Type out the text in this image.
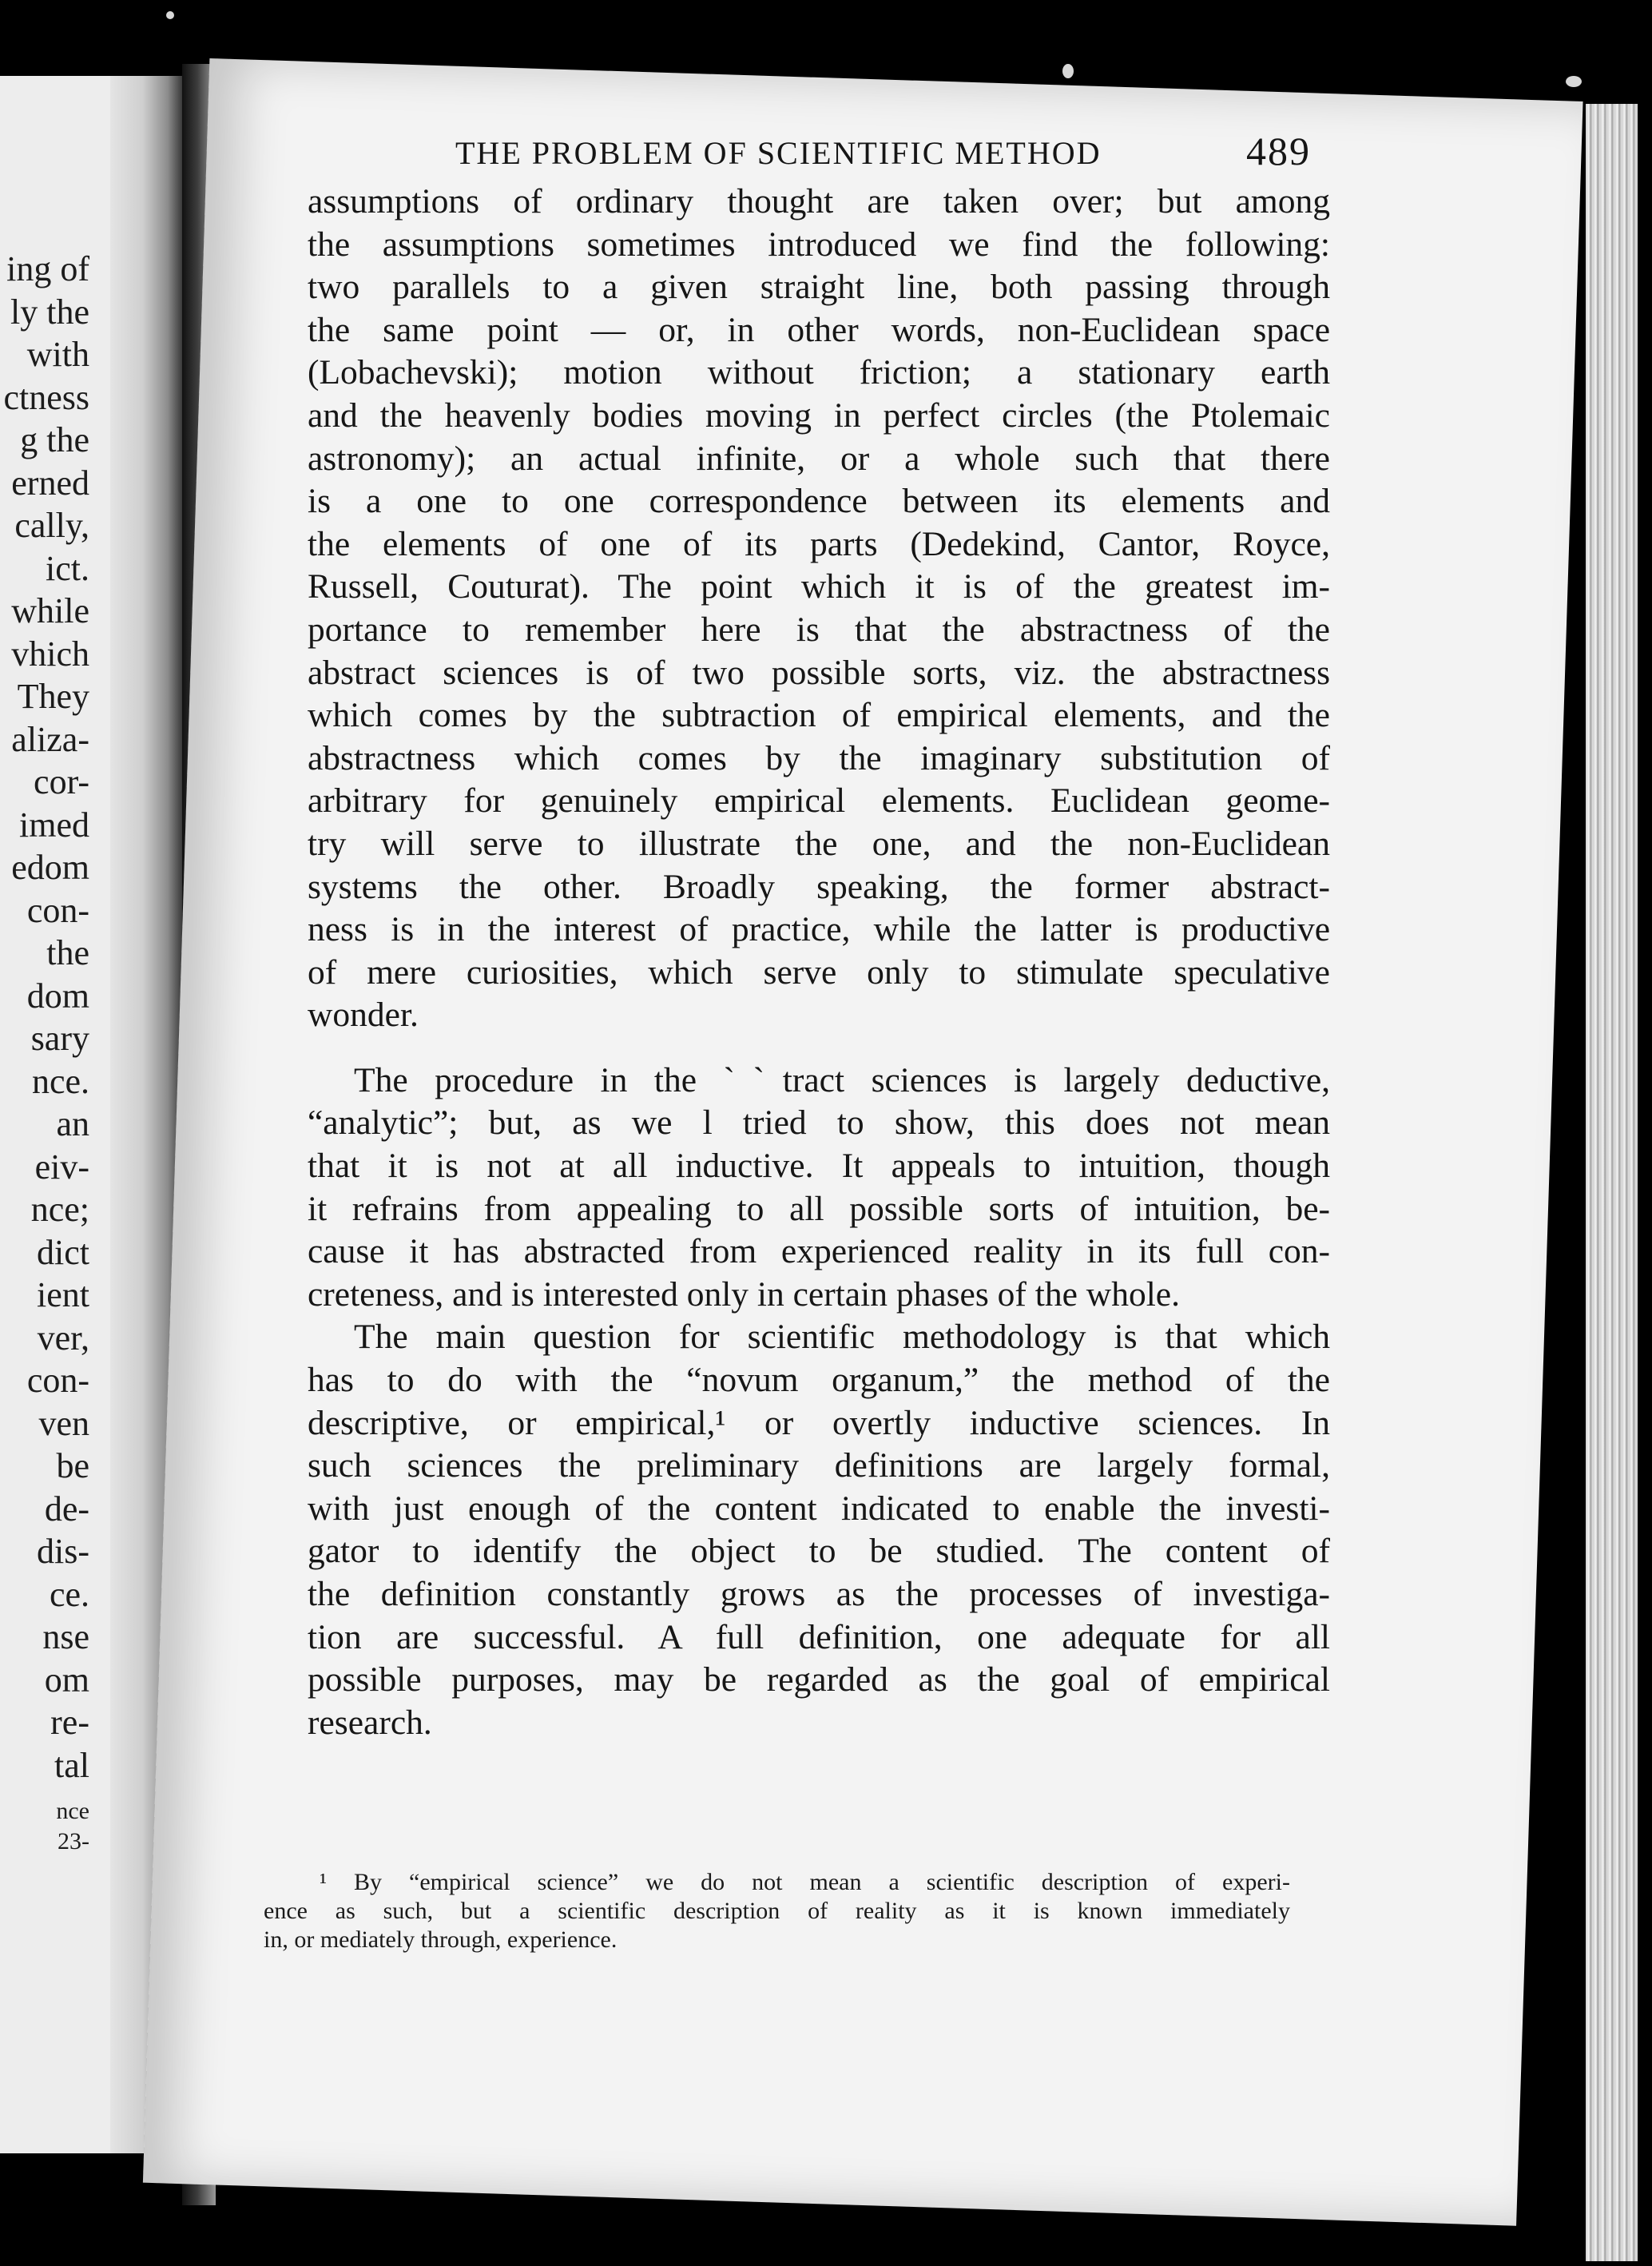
ing of
ly the
with
ctness
g the
erned
cally,
ict.
while
vhich
They
aliza-
cor-
imed
edom
con-
the
dom
sary
nce.
an
eiv-
nce;
dict
ient
ver,
con-
ven
be
de-
dis-
ce.
nse
om
re-
tal
nce
23-
THE PROBLEM OF SCIENTIFIC METHOD	489
assumptions of ordinary thought are taken over; but among
the assumptions sometimes introduced we find the following:
two parallels to a given straight line, both passing through
the same point — or, in other words, non-Euclidean space
(Lobachevski); motion without friction; a stationary earth
and the heavenly bodies moving in perfect circles (the Ptolemaic
astronomy); an actual infinite, or a whole such that there
is a one to one correspondence between its elements and
the elements of one of its parts (Dedekind, Cantor, Royce,
Russell, Couturat). The point which it is of the greatest im-
portance to remember here is that the abstractness of the
abstract sciences is of two possible sorts, viz. the abstractness
which comes by the subtraction of empirical elements, and the
abstractness which comes by the imaginary substitution of
arbitrary for genuinely empirical elements. Euclidean geome-
try will serve to illustrate the one, and the non-Euclidean
systems the other. Broadly speaking, the former abstract-
ness is in the interest of practice, while the latter is productive
of mere curiosities, which serve only to stimulate speculative
wonder.
The procedure in the ˋˋtract sciences is largely deductive,
“analytic”; but, as we l tried to show, this does not mean
that it is not at all inductive. It appeals to intuition, though
it refrains from appealing to all possible sorts of intuition, be-
cause it has abstracted from experienced reality in its full con-
creteness, and is interested only in certain phases of the whole.
The main question for scientific methodology is that which
has to do with the “novum organum,” the method of the
descriptive, or empirical,¹ or overtly inductive sciences. In
such sciences the preliminary definitions are largely formal,
with just enough of the content indicated to enable the investi-
gator to identify the object to be studied. The content of
the definition constantly grows as the processes of investiga-
tion are successful. A full definition, one adequate for all
possible purposes, may be regarded as the goal of empirical
research.
¹ By “empirical science” we do not mean a scientific description of experi-
ence as such, but a scientific description of reality as it is known immediately
in, or mediately through, experience.
